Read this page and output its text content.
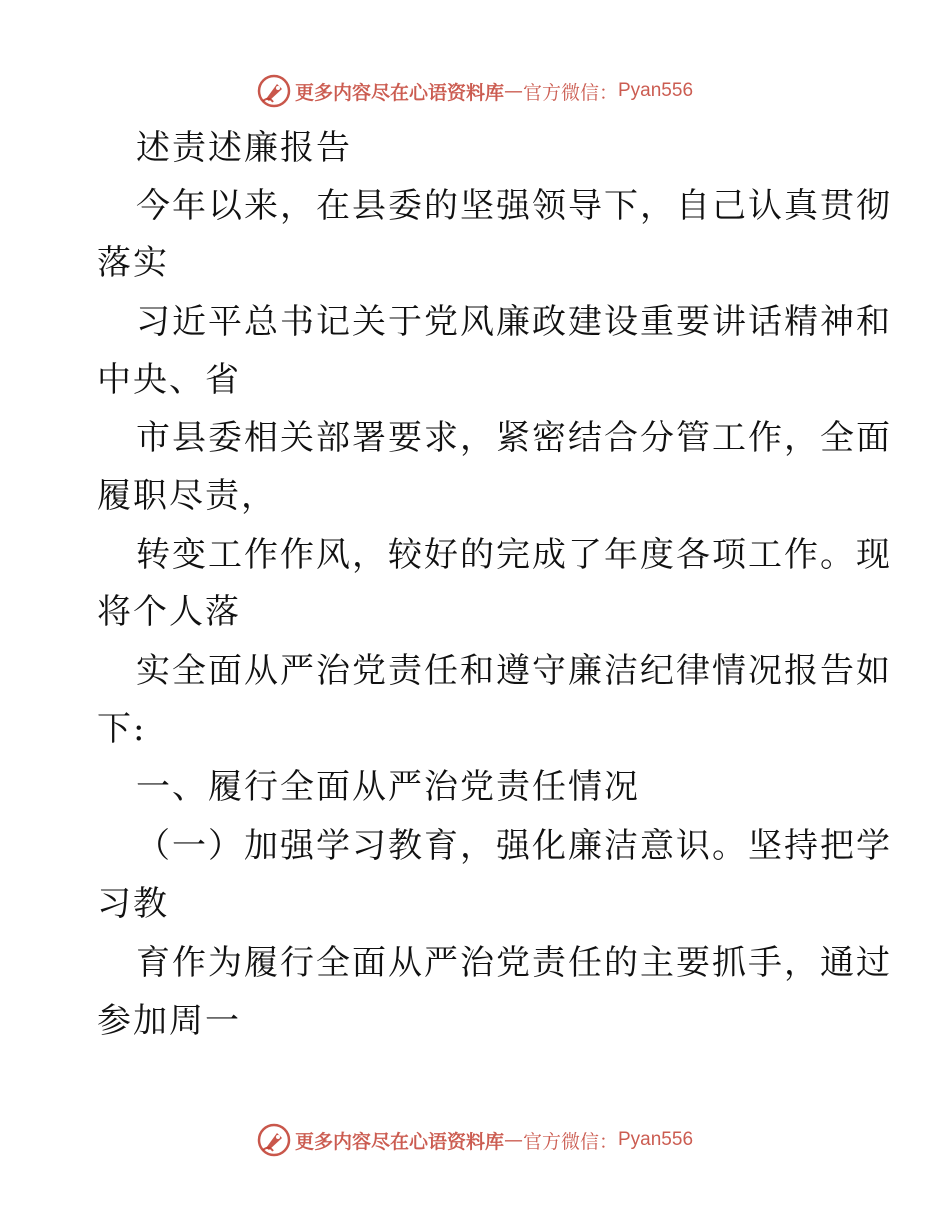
更多内容尽在心语资料库 — 官方微信： Pyan556
述责述廉报告
今年以来，在县委的坚强领导下，自己认真贯彻
落实
习近平总书记关于党风廉政建设重要讲话精神和
中央、省
市县委相关部署要求，紧密结合分管工作，全面
履职尽责，
转变工作作风，较好的完成了年度各项工作。现
将个人落
实全面从严治党责任和遵守廉洁纪律情况报告如
下:
一、履行全面从严治党责任情况
（一）加强学习教育，强化廉洁意识。坚持把学
习教
育作为履行全面从严治党责任的主要抓手，通过
参加周一
更多内容尽在心语资料库 — 官方微信： Pyan556
